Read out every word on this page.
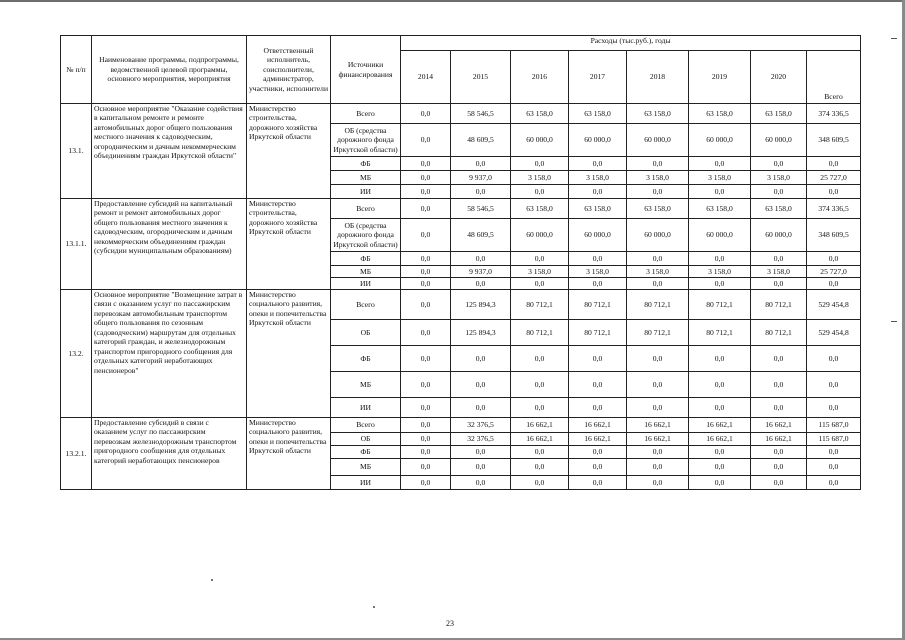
№ п/п	Наименование программы, подпрограммы, ведомственной целевой программы, основного мероприятия, мероприятия	Ответственный исполнитель, соисполнители, администратор, участники, исполнители	Источники финансирования	Расходы (тыс.руб.), годы							
				2014	2015	2016	2017	2018	2019	2020	Всего
13.1.	Основное мероприятие "Оказание содействия в капитальном ремонте и ремонте автомобильных дорог общего пользования местного значения к садоводческим, огородническим и дачным некоммерческим объединениям граждан Иркутской области"	Министерство строительства, дорожного хозяйства Иркутской области	Всего	0,0	58 546,5	63 158,0	63 158,0	63 158,0	63 158,0	63 158,0	374 336,5
			ОБ (средства дорожного фонда Иркутской области)	0,0	48 609,5	60 000,0	60 000,0	60 000,0	60 000,0	60 000,0	348 609,5
			ФБ	0,0	0,0	0,0	0,0	0,0	0,0	0,0	0,0
			МБ	0,0	9 937,0	3 158,0	3 158,0	3 158,0	3 158,0	3 158,0	25 727,0
			ИИ	0,0	0,0	0,0	0,0	0,0	0,0	0,0	0,0
13.1.1.	Предоставление субсидий на капитальный ремонт и ремонт автомобильных дорог общего пользования местного значения к садоводческим, огородническим и дачным некоммерческим объединениям граждан (субсидии муниципальным образованиям)	Министерство строительства, дорожного хозяйства Иркутской области	Всего	0,0	58 546,5	63 158,0	63 158,0	63 158,0	63 158,0	63 158,0	374 336,5
			ОБ (средства дорожного фонда Иркутской области)	0,0	48 609,5	60 000,0	60 000,0	60 000,0	60 000,0	60 000,0	348 609,5
			ФБ	0,0	0,0	0,0	0,0	0,0	0,0	0,0	0,0
			МБ	0,0	9 937,0	3 158,0	3 158,0	3 158,0	3 158,0	3 158,0	25 727,0
			ИИ	0,0	0,0	0,0	0,0	0,0	0,0	0,0	0,0
13.2.	Основное мероприятие "Возмещение затрат в связи с оказанием услуг по пассажирским перевозкам автомобильным транспортом общего пользования по сезонным (садоводческим) маршрутам для отдельных категорий граждан, и железнодорожным транспортом пригородного сообщения для отдельных категорий неработающих пенсионеров"	Министерство социального развития, опеки и попечительства Иркутской области	Всего	0,0	125 894,3	80 712,1	80 712,1	80 712,1	80 712,1	80 712,1	529 454,8
			ОБ	0,0	125 894,3	80 712,1	80 712,1	80 712,1	80 712,1	80 712,1	529 454,8
			ФБ	0,0	0,0	0,0	0,0	0,0	0,0	0,0	0,0
			МБ	0,0	0,0	0,0	0,0	0,0	0,0	0,0	0,0
			ИИ	0,0	0,0	0,0	0,0	0,0	0,0	0,0	0,0
13.2.1.	Предоставление субсидий в связи с оказанием услуг по пассажирским перевозкам железнодорожным транспортом пригородного сообщения для отдельных категорий неработающих пенсионеров	Министерство социального развития, опеки и попечительства Иркутской области	Всего	0,0	32 376,5	16 662,1	16 662,1	16 662,1	16 662,1	16 662,1	115 687,0
			ОБ	0,0	32 376,5	16 662,1	16 662,1	16 662,1	16 662,1	16 662,1	115 687,0
			ФБ	0,0	0,0	0,0	0,0	0,0	0,0	0,0	0,0
			МБ	0,0	0,0	0,0	0,0	0,0	0,0	0,0	0,0
			ИИ	0,0	0,0	0,0	0,0	0,0	0,0	0,0	0,0
23
